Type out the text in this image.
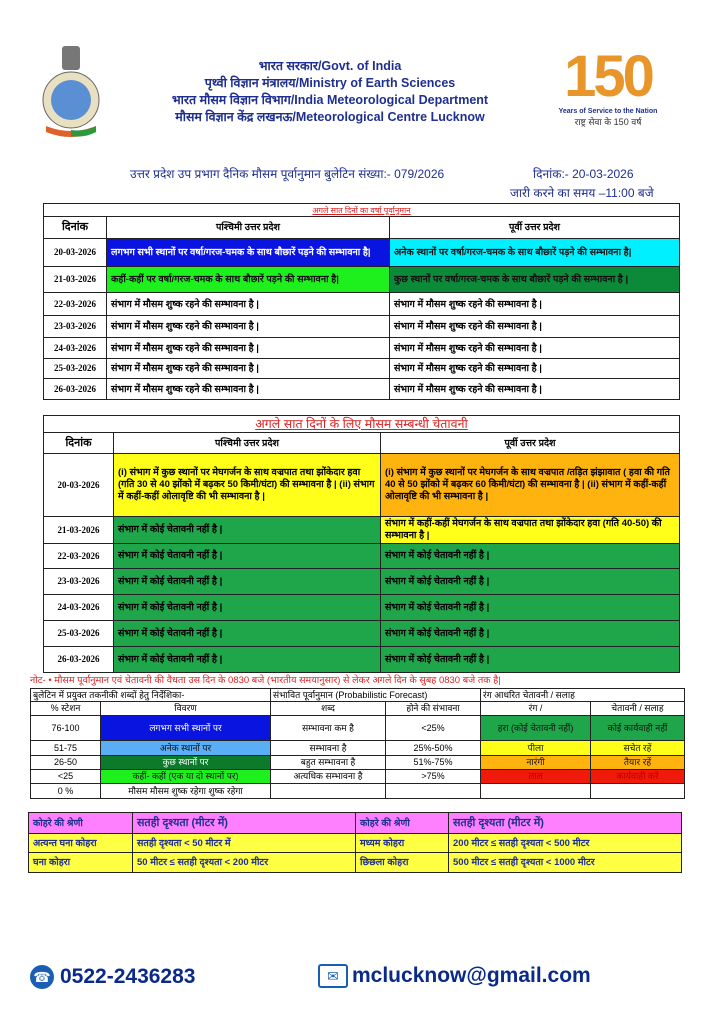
भारत सरकार/Govt. of India
पृथ्वी विज्ञान मंत्रालय/Ministry of Earth Sciences
भारत मौसम विज्ञान विभाग/India Meteorological Department
मौसम विज्ञान केंद्र लखनऊ/Meteorological Centre Lucknow
150
Years of Service to the Nation
राष्ट्र सेवा के 150 वर्ष
उत्तर प्रदेश उप प्रभाग दैनिक मौसम पूर्वानुमान बुलेटिन संख्या:- 079/2026	दिनांक:- 20-03-2026
जारी करने का समय –11:00 बजे
अगले सात दिनों का वर्षा पूर्वानुमान		
दिनांक	पश्चिमी उत्तर प्रदेश	पूर्वी उत्तर प्रदेश
20-03-2026	लगभग सभी स्थानों पर वर्षा/गरज-चमक के साथ बौछारें पड़ने की सम्भावना है|	अनेक स्थानों पर वर्षा/गरज-चमक के साथ बौछारें पड़ने की सम्भावना है|
21-03-2026	कहीं-कहीं पर वर्षा/गरज-चमक के साथ बौछारें पड़ने की सम्भावना है|	कुछ स्थानों पर वर्षा/गरज-चमक के साथ बौछारें पड़ने की सम्भावना है |
22-03-2026	संभाग में मौसम शुष्क रहने की सम्भावना है |	संभाग में मौसम शुष्क रहने की सम्भावना है |
23-03-2026	संभाग में मौसम शुष्क रहने की सम्भावना है |	संभाग में मौसम शुष्क रहने की सम्भावना है |
24-03-2026	संभाग में मौसम शुष्क रहने की सम्भावना है |	संभाग में मौसम शुष्क रहने की सम्भावना है |
25-03-2026	संभाग में मौसम शुष्क रहने की सम्भावना है |	संभाग में मौसम शुष्क रहने की सम्भावना है |
26-03-2026	संभाग में मौसम शुष्क रहने की सम्भावना है |	संभाग में मौसम शुष्क रहने की सम्भावना है |
अगले सात दिनों के लिए मौसम सम्बन्धी चेतावनी		
दिनांक	पश्चिमी उत्तर प्रदेश	पूर्वी उत्तर प्रदेश
20-03-2026	(i) संभाग में कुछ स्थानों पर मेघगर्जन के साथ वज्रपात तथा झोंकेदार हवा (गति 30 से 40 झोंको में बढ़कर 50 किमी/घंटा) की सम्भावना है | (ii) संभाग में कहीं-कहीं ओलावृष्टि की भी सम्भावना है |	(i) संभाग में कुछ स्थानों पर मेघगर्जन के साथ वज्रपात /तड़ित झंझावात ( हवा की गति 40 से 50 झोंको में बढ़कर 60 किमी/घंटा) की सम्भावना है | (ii) संभाग में कहीं-कहीं ओलावृष्टि की भी सम्भावना है |
21-03-2026	संभाग में कोई चेतावनी नहीं है |	संभाग में कहीं-कहीं मेघगर्जन के साथ वज्रपात तथा झोंकेदार हवा (गति 40-50) की सम्भावना है |
22-03-2026	संभाग में कोई चेतावनी नहीं है |	संभाग में कोई चेतावनी नहीं है |
23-03-2026	संभाग में कोई चेतावनी नहीं है |	संभाग में कोई चेतावनी नहीं है |
24-03-2026	संभाग में कोई चेतावनी नहीं है |	संभाग में कोई चेतावनी नहीं है |
25-03-2026	संभाग में कोई चेतावनी नहीं है |	संभाग में कोई चेतावनी नहीं है |
26-03-2026	संभाग में कोई चेतावनी नहीं है |	संभाग में कोई चेतावनी नहीं है |
नोट- • मौसम पूर्वानुमान एवं चेतावनी की वैधता उस दिन के 0830 बजे (भारतीय समयानुसार) से लेकर अगले दिन के सुबह 0830 बजे तक है|
बुलेटिन में प्रयुक्त तकनीकी शब्दों हेतु निर्देशिका-		संभावित पूर्वानुमान (Probabilistic Forecast)		रंग आधरित चेतावनी / सलाह	
% स्टेशन	विवरण	शब्द	होने की संभावना	रंग /	चेतावनी / सलाह
76-100	लगभग सभी स्थानों पर	सम्भावना कम है	<25%	हरा (कोई चेतावनी नहीं)	कोई कार्यवाही नहीं
51-75	अनेक स्थानों पर	सम्भावना है	25%-50%	पीला	सचेत रहें
26-50	कुछ स्थानों पर	बहुत सम्भावना है	51%-75%	नारंगी	तैयार रहें
<25	कहीं- कहीं (एक या दो स्थानों पर)	अत्यधिक सम्भावना है	>75%	लाल	कार्यवाही करें
0 %	मौसम मौसम शुष्क रहेगा शुष्क रहेगा				
कोहरे की श्रेणी	सतही दृश्यता (मीटर में)	कोहरे की श्रेणी	सतही दृश्यता (मीटर में)
अत्यन्त घना कोहरा	सतही दृश्यता < 50 मीटर में	मध्यम कोहरा	200 मीटर ≤ सतही दृश्यता < 500 मीटर
घना कोहरा	50 मीटर ≤ सतही दृश्यता < 200 मीटर	छिछला कोहरा	500 मीटर ≤ सतही दृश्यता < 1000 मीटर
☎ 0522-2436283	✉ mclucknow@gmail.com
